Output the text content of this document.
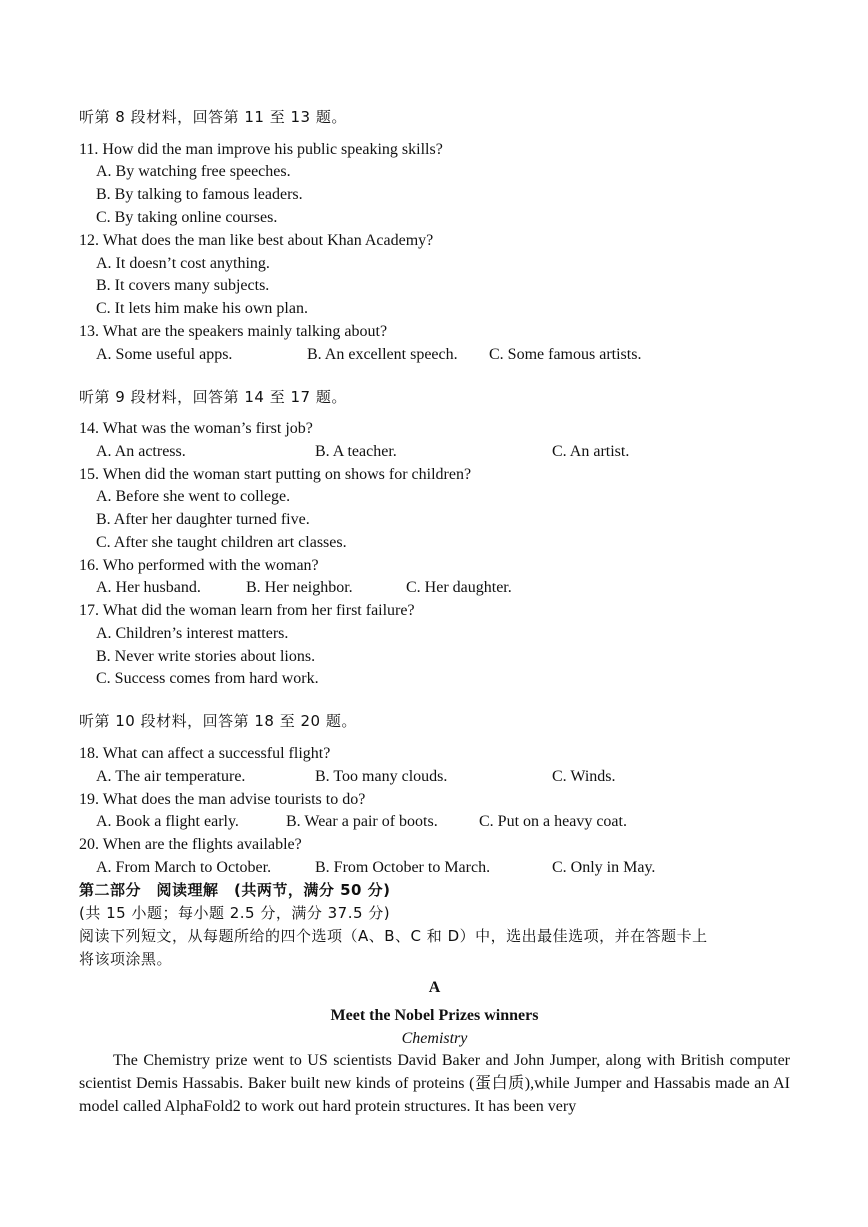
听第 8 段材料，回答第 11 至 13 题。
11. How did the man improve his public speaking skills?
A. By watching free speeches.
B. By talking to famous leaders.
C. By taking online courses.
12. What does the man like best about Khan Academy?
A. It doesn’t cost anything.
B. It covers many subjects.
C. It lets him make his own plan.
13. What are the speakers mainly talking about?
A. Some useful apps.	B. An excellent speech. C. Some famous artists.
听第 9 段材料，回答第 14 至 17 题。
14. What was the woman’s first job?
A. An actress.	B. A teacher.	C. An artist.
15. When did the woman start putting on shows for children?
A. Before she went to college.
B. After her daughter turned five.
C. After she taught children art classes.
16. Who performed with the woman?
A. Her husband.	B. Her neighbor.	C. Her daughter.
17. What did the woman learn from her first failure?
A. Children’s interest matters.
B. Never write stories about lions.
C. Success comes from hard work.
听第 10 段材料，回答第 18 至 20 题。
18. What can affect a successful flight?
A. The air temperature.	B. Too many clouds.	C. Winds.
19. What does the man advise tourists to do?
A. Book a flight early.	B. Wear a pair of boots.	C. Put on a heavy coat.
20. When are the flights available?
A. From March to October.	B. From October to March.	C. Only in May.
第二部分　阅读理解　(共两节，满分 50 分)
(共 15 小题；每小题 2.5 分，满分 37.5 分)
阅读下列短文，从每题所给的四个选项（A、B、C 和 D）中，选出最佳选项，并在答题卡上
将该项涂黑。
A
Meet the Nobel Prizes winners
Chemistry
The Chemistry prize went to US scientists David Baker and John Jumper, along with British computer scientist Demis Hassabis. Baker built new kinds of proteins (蛋白质),while Jumper and Hassabis made an AI model called AlphaFold2 to work out hard protein structures. It has been very
